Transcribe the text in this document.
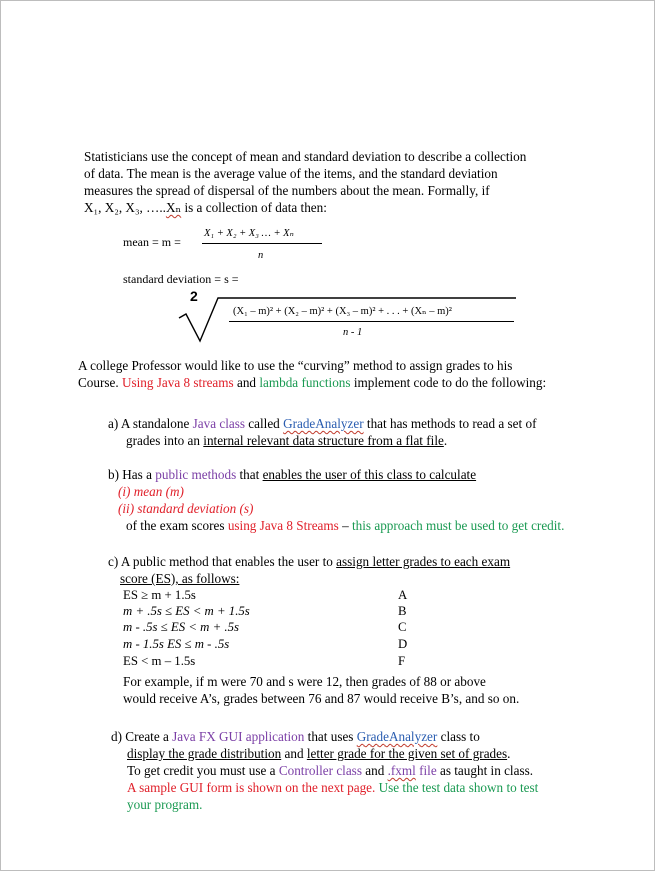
Statisticians use the concept of mean and standard deviation to describe a collection
of data. The mean is the average value of the items, and the standard deviation
measures the spread of dispersal of the numbers about the mean. Formally, if
X₁, X₂, X₃, …..Xₙ is a collection of data then:
mean = m =
X₁ + X₂ + X₃ … + Xₙ
n
standard deviation = s =
2
(X₁ – m)² + (X₂ – m)² + (X₃ – m)² + . . . + (Xₙ – m)²
n - 1
A college Professor would like to use the “curving” method to assign grades to his
Course. Using Java 8 streams and lambda functions implement code to do the following:
a) A standalone Java class called GradeAnalyzer that has methods to read a set of
grades into an internal relevant data structure from a flat file.
b) Has a public methods that enables the user of this class to calculate
(i) mean (m)
(ii) standard deviation (s)
of the exam scores using Java 8 Streams – this approach must be used to get credit.
c) A public method that enables the user to assign letter grades to each exam
score (ES), as follows:
ES ≥ m + 1.5s	A
m + .5s ≤ ES < m + 1.5s	B
m - .5s ≤ ES < m + .5s	C
m - 1.5s ES ≤ m - .5s	D
ES < m – 1.5s	F
For example, if m were 70 and s were 12, then grades of 88 or above
would receive A’s, grades between 76 and 87 would receive B’s, and so on.
d) Create a Java FX GUI application that uses GradeAnalyzer class to
display the grade distribution and letter grade for the given set of grades.
To get credit you must use a Controller class and .fxml file as taught in class.
A sample GUI form is shown on the next page. Use the test data shown to test
your program.
